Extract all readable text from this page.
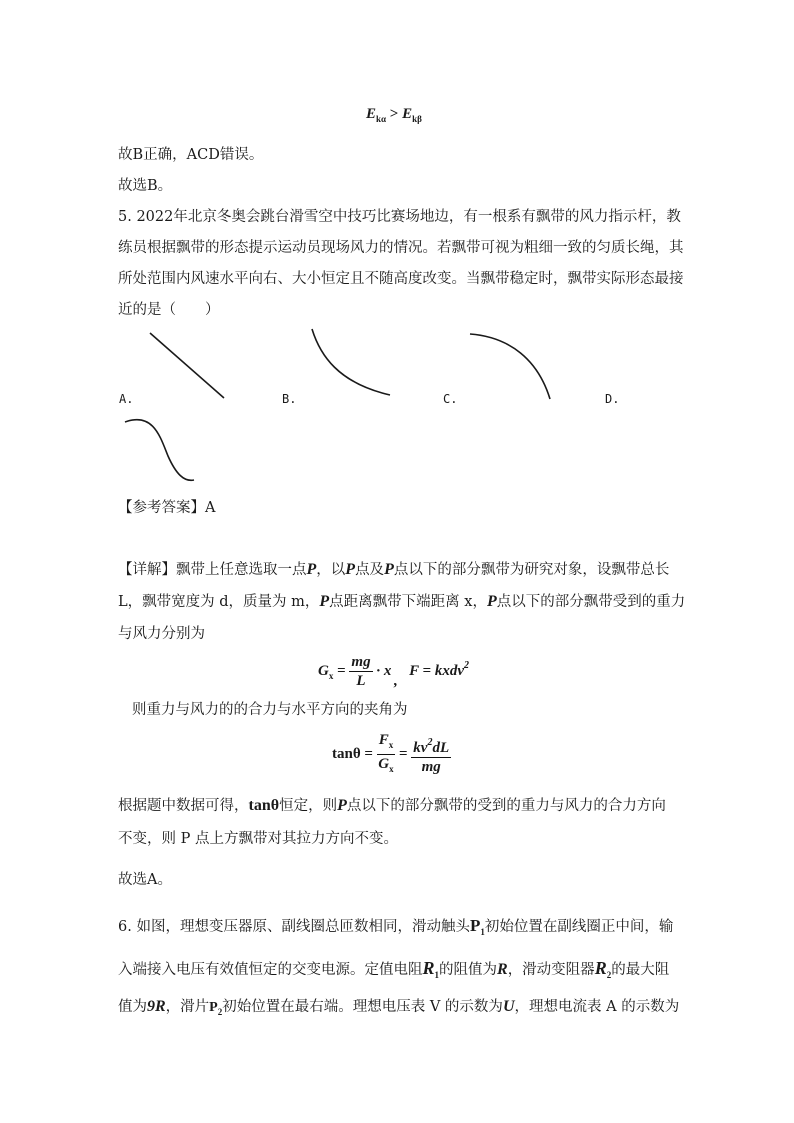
$E_{k\alpha} > E_{k\beta}$
故B正确，ACD错误。
故选B。
5. 2022年北京冬奥会跳台滑雪空中技巧比赛场地边，有一根系有飘带的风力指示杆，教
练员根据飘带的形态提示运动员现场风力的情况。若飘带可视为粗细一致的匀质长绳，其
所处范围内风速水平向右、大小恒定且不随高度改变。当飘带稳定时，飘带实际形态最接
近的是（　　）
A.	B.	C.	D.
【参考答案】A
【详解】飘带上任意选取一点P，以P点及P点以下的部分飘带为研究对象，设飘带总长
L，飘带宽度为 d，质量为 m，P点距离飘带下端距离 x，P点以下的部分飘带受到的重力
与风力分别为
$G_x = \frac{mg}{L} \cdot x,F$ = kxdv$^2$
则重力与风力的的合力与水平方向的夹角为
$\tan\theta = \frac{F_x}{G_x} = \frac{kv^2dL}{mg}$
根据题中数据可得，tanθ恒定，则P点以下的部分飘带的受到的重力与风力的合力方向
不变，则 P 点上方飘带对其拉力方向不变。
故选A。
6. 如图，理想变压器原、副线圈总匝数相同，滑动触头$P_1$初始位置在副线圈正中间，输
入端接入电压有效值恒定的交变电源。定值电阻$R_1$的阻值为R，滑动变阻器$R_2$的最大阻
值为9R，滑片$P_2$初始位置在最右端。理想电压表 V 的示数为U，理想电流表 A 的示数为
